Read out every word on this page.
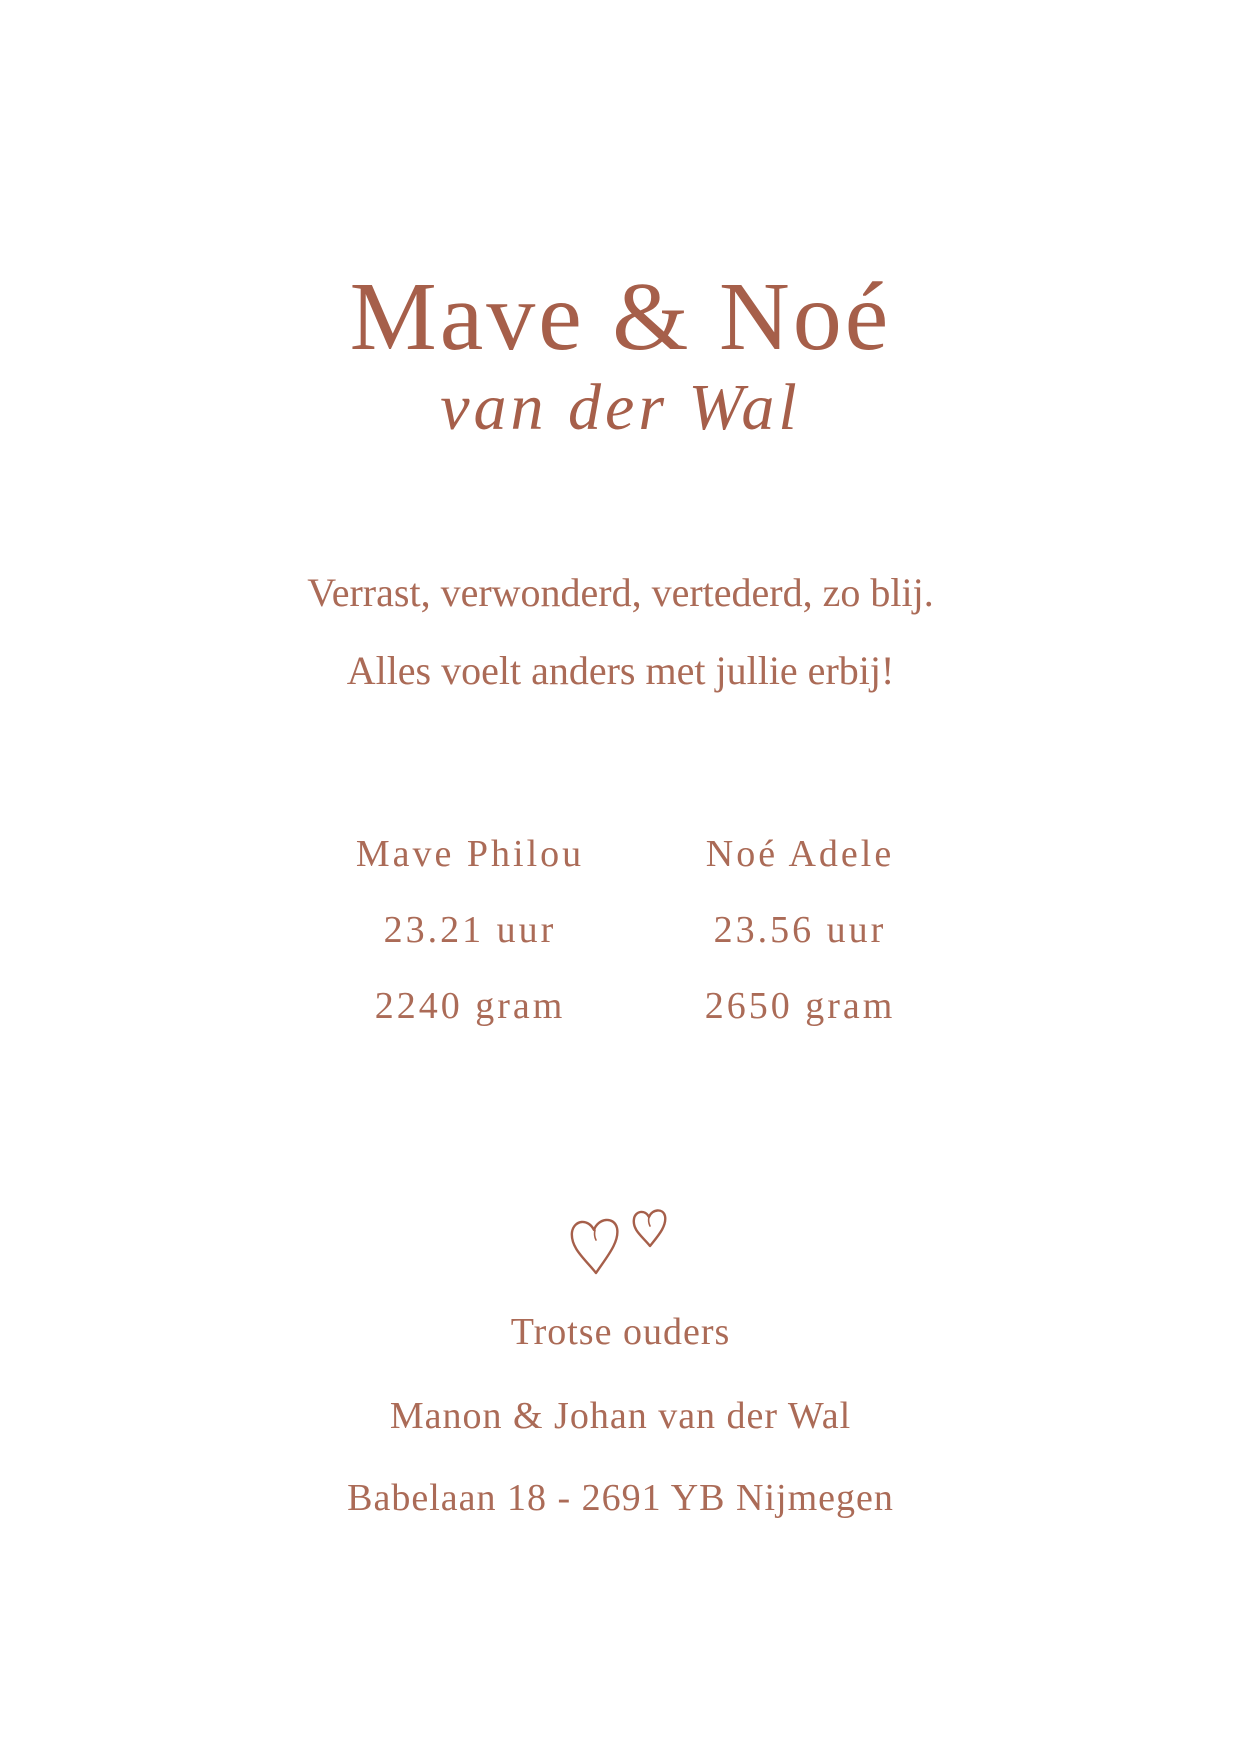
Mave & Noé
van der Wal

Verrast, verwonderd, vertederd, zo blij.

Alles voelt anders met jullie erbij!

Mave Philou
23.21 uur
2240 gram
Noé Adele
23.56 uur
2650 gram

Trotse ouders

Manon & Johan van der Wal

Babelaan 18 - 2691 YB Nijmegen
